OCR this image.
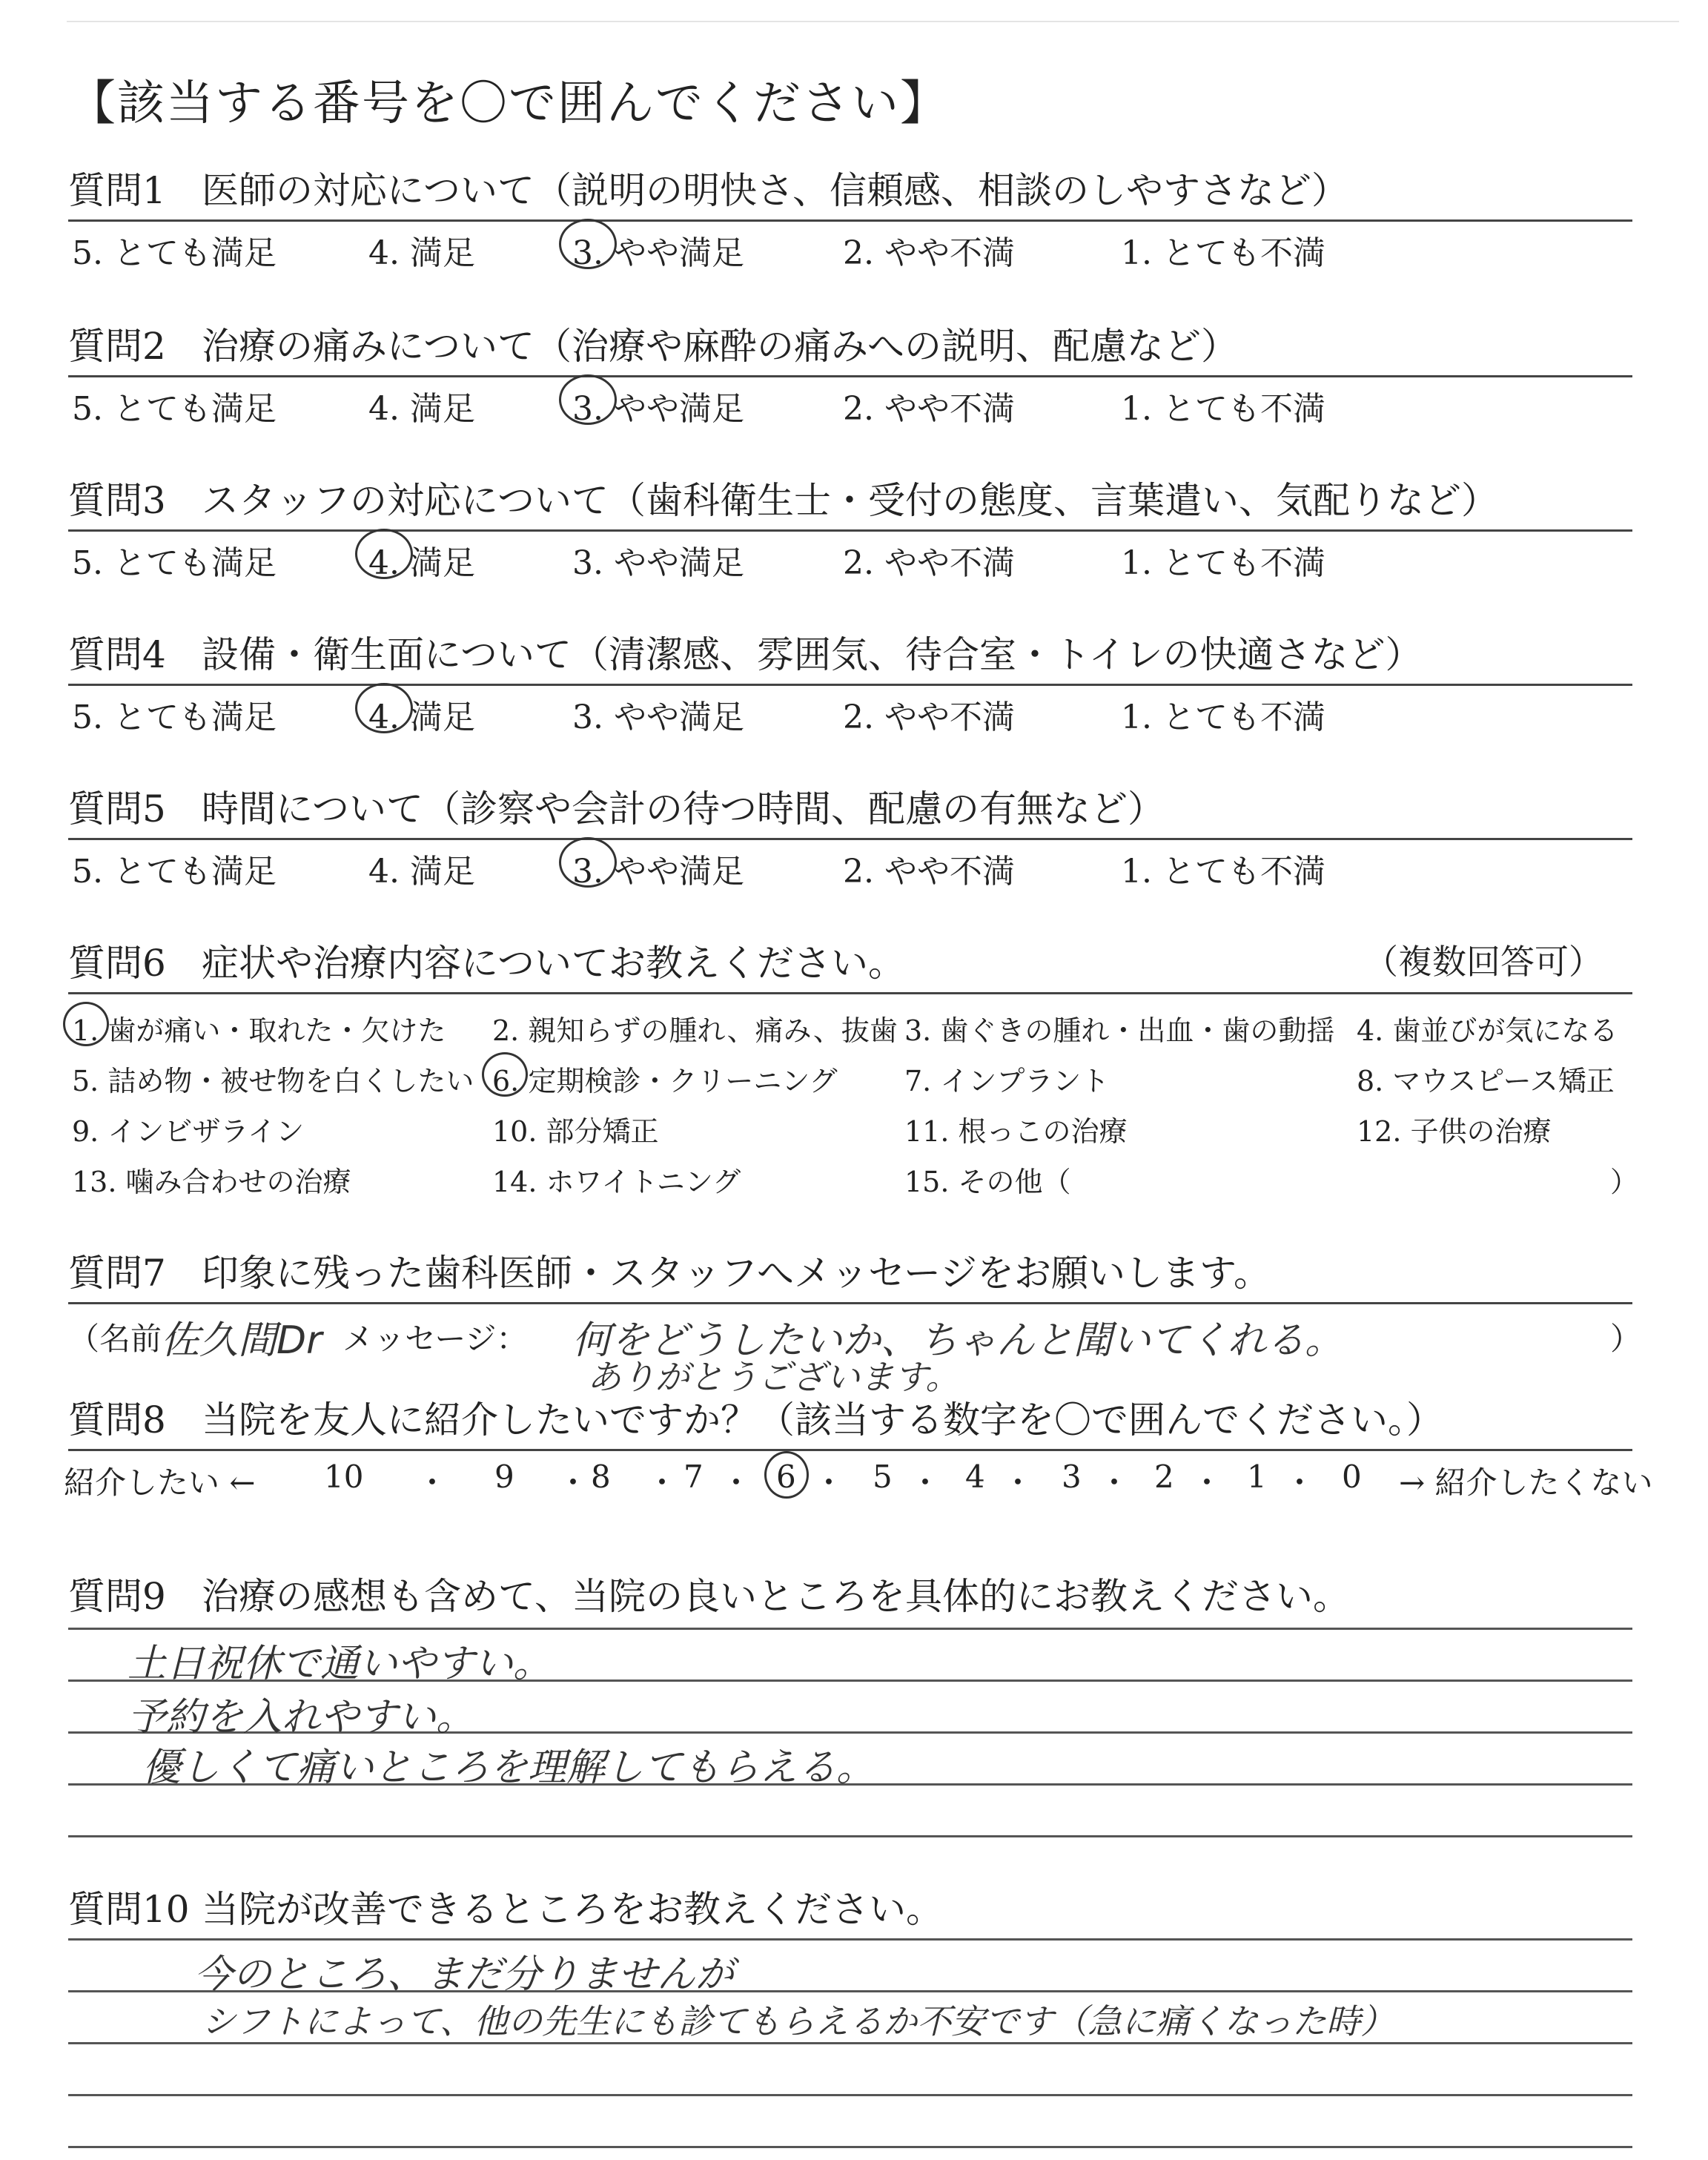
【該当する番号を〇で囲んでください】
質問1 医師の対応について（説明の明快さ、信頼感、相談のしやすさなど）
5. とても満足	4. 満足	3. やや満足	2. やや不満	1. とても不満
質問2 治療の痛みについて（治療や麻酔の痛みへの説明、配慮など）
5. とても満足	4. 満足	3. やや満足	2. やや不満	1. とても不満
質問3 スタッフの対応について（歯科衛生士・受付の態度、言葉遣い、気配りなど）
5. とても満足	4. 満足	3. やや満足	2. やや不満	1. とても不満
質問4 設備・衛生面について（清潔感、雰囲気、待合室・トイレの快適さなど）
5. とても満足	4. 満足	3. やや満足	2. やや不満	1. とても不満
質問5 時間について（診察や会計の待つ時間、配慮の有無など）
5. とても満足	4. 満足	3. やや満足	2. やや不満	1. とても不満
質問6 症状や治療内容についてお教えください。	（複数回答可）
1. 歯が痛い・取れた・欠けた 2. 親知らずの腫れ、痛み、抜歯 3. 歯ぐきの腫れ・出血・歯の動揺 4. 歯並びが気になる
5. 詰め物・被せ物を白くしたい 6. 定期検診・クリーニング 7. インプラント	8. マウスピース矯正
9. インビザライン	10. 部分矯正	11. 根っこの治療	12. 子供の治療
13. 噛み合わせの治療	14. ホワイトニング	15. その他（	）
質問7 印象に残った歯科医師・スタッフへメッセージをお願いします。
（名前
佐久間Dr メッセージ： 何をどうしたいか、ちゃんと聞いてくれる。
ありがとうございます。
）
質問8 当院を友人に紹介したいですか？（該当する数字を〇で囲んでください。）
紹介したい ← 10 ・ 9 ・ 8 ・ 7 ・ 6 ・ 5 ・ 4 ・ 3 ・ 2 ・ 1 ・ 0 → 紹介したくない
質問9 治療の感想も含めて、当院の良いところを具体的にお教えください。
土日祝休で通いやすい。
予約を入れやすい。
優しくて痛いところを理解してもらえる。
質問10 当院が改善できるところをお教えください。
今のところ、まだ分りませんが
シフトによって、他の先生にも診てもらえるか不安です（急に痛くなった時）
